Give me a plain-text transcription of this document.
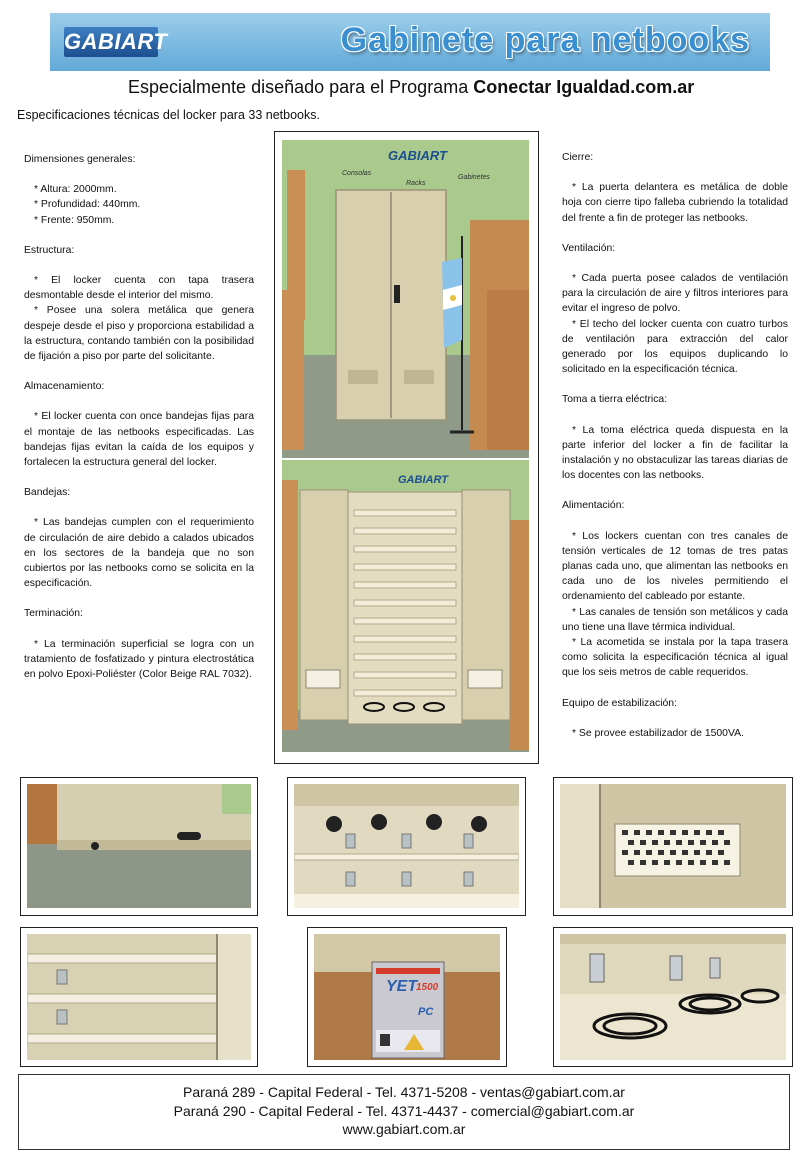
GABIART	Gabinete para netbooks
Especialmente diseñado para el Programa Conectar Igualdad.com.ar
Especificaciones técnicas del locker para 33 netbooks.
Dimensiones generales:
* Altura: 2000mm.
* Profundidad: 440mm.
* Frente: 950mm.
Estructura:
* El locker cuenta con tapa trasera desmontable desde el interior del mismo.
* Posee una solera metálica que genera despeje desde el piso y proporciona estabilidad a la estructura, contando también con la posibilidad de fijación a piso por parte del solicitante.
Almacenamiento:
* El locker cuenta con once bandejas fijas para el montaje de las netbooks especificadas. Las bandejas fijas evitan la caída de los equipos y fortalecen la estructura general del locker.
Bandejas:
* Las bandejas cumplen con el requerimiento de circulación de aire debido a calados ubicados en los sectores de la bandeja que no son cubiertos por las netbooks como se solicita en la especificación.
Terminación:
* La terminación superficial se logra con un tratamiento de fosfatizado y pintura electrostática en polvo Epoxi-Poliéster (Color Beige RAL 7032).
Cierre:
* La puerta delantera es metálica de doble hoja con cierre tipo falleba cubriendo la totalidad del frente a fin de proteger las netbooks.
Ventilación:
* Cada puerta posee calados de ventilación para la circulación de aire y filtros interiores para evitar el ingreso de polvo.
* El techo del locker cuenta con cuatro turbos de ventilación para extracción del calor generado por los equipos duplicando lo solicitado en la especificación técnica.
Toma a tierra eléctrica:
* La toma eléctrica queda dispuesta en la parte inferior del locker a fin de facilitar la instalación y no obstaculizar las tareas diarias de los docentes con las netbooks.
Alimentación:
* Los lockers cuentan con tres canales de tensión verticales de 12 tomas de tres patas planas cada uno, que alimentan las netbooks en cada uno de los niveles permitiendo el ordenamiento del cableado por estante.
* Las canales de tensión son metálicos y cada uno tiene una llave térmica individual.
* La acometida se instala por la tapa trasera como solicita la especificación técnica al igual que los seis metros de cable requeridos.
Equipo de estabilización:
* Se provee estabilizador de 1500VA.
GABIART
Consolas
Racks
Gabinetes
GABIART
YET
1500
PC
Paraná 289 - Capital Federal - Tel. 4371-5208 - ventas@gabiart.com.ar
Paraná 290 - Capital Federal - Tel. 4371-4437 - comercial@gabiart.com.ar
www.gabiart.com.ar
